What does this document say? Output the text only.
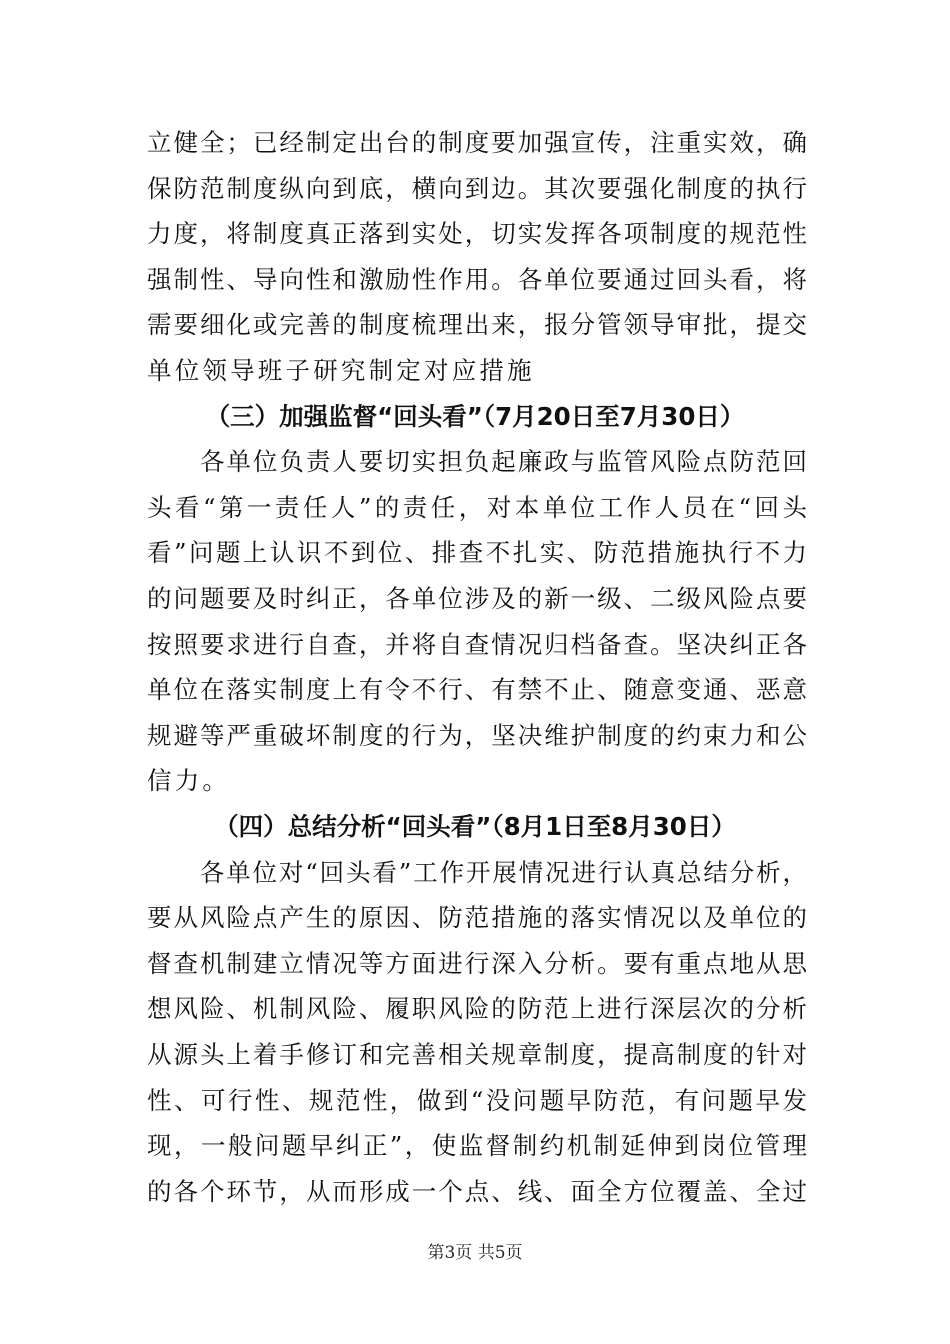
立健全；已经制定出台的制度要加强宣传，注重实效，确
保防范制度纵向到底，横向到边。其次要强化制度的执行
力度，将制度真正落到实处，切实发挥各项制度的规范性
强制性、导向性和激励性作用。各单位要通过回头看，将
需要细化或完善的制度梳理出来，报分管领导审批，提交
单位领导班子研究制定对应措施
（三）加强监督“回头看”（7月20日至7月30日）
　　各单位负责人要切实担负起廉政与监管风险点防范回
头看“第一责任人”的责任，对本单位工作人员在“回头
看”问题上认识不到位、排查不扎实、防范措施执行不力
的问题要及时纠正，各单位涉及的新一级、二级风险点要
按照要求进行自查，并将自查情况归档备查。坚决纠正各
单位在落实制度上有令不行、有禁不止、随意变通、恶意
规避等严重破坏制度的行为，坚决维护制度的约束力和公
信力。
（四）总结分析“回头看”（8月1日至8月30日）
　　各单位对“回头看”工作开展情况进行认真总结分析，
要从风险点产生的原因、防范措施的落实情况以及单位的
督查机制建立情况等方面进行深入分析。要有重点地从思
想风险、机制风险、履职风险的防范上进行深层次的分析
从源头上着手修订和完善相关规章制度，提高制度的针对
性、可行性、规范性，做到“没问题早防范，有问题早发
现，一般问题早纠正”，使监督制约机制延伸到岗位管理
的各个环节，从而形成一个点、线、面全方位覆盖、全过
第3页 共5页
